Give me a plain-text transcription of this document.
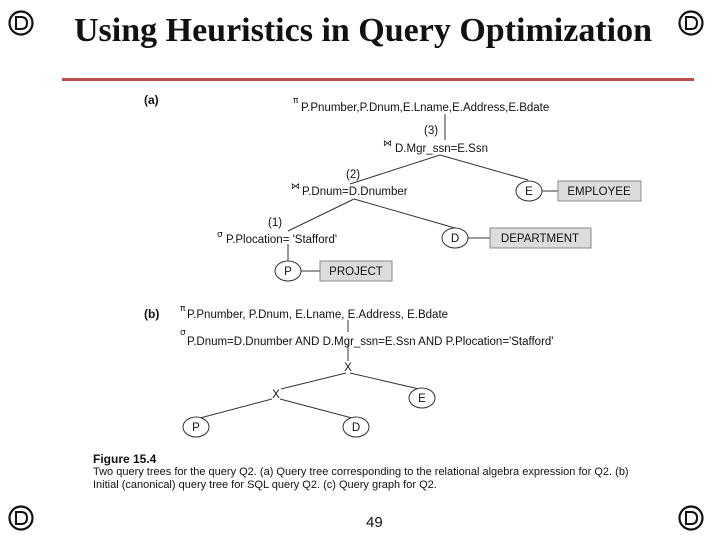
Using Heuristics in Query Optimization
(a)	π
P.Pnumber,P.Dnum,E.Lname,E.Address,E.Bdate
(3)
⋈ D.Mgr_ssn=E.Ssn
(2)
⋈ P.Dnum=D.Dnumber
(1)
σ P.Plocation= 'Stafford'
E	EMPLOYEE
D	DEPARTMENT
P	PROJECT
(b) π P.Pnumber, P.Dnum, E.Lname, E.Address, E.Bdate
σ
P.Dnum=D.Dnumber AND D.Mgr_ssn=E.Ssn AND P.Plocation='Stafford'
X
X	E
P	D
Figure 15.4
Two query trees for the query Q2. (a) Query tree corresponding to the relational algebra expression for Q2. (b) Initial (canonical) query tree for SQL query Q2. (c) Query graph for Q2.
49
